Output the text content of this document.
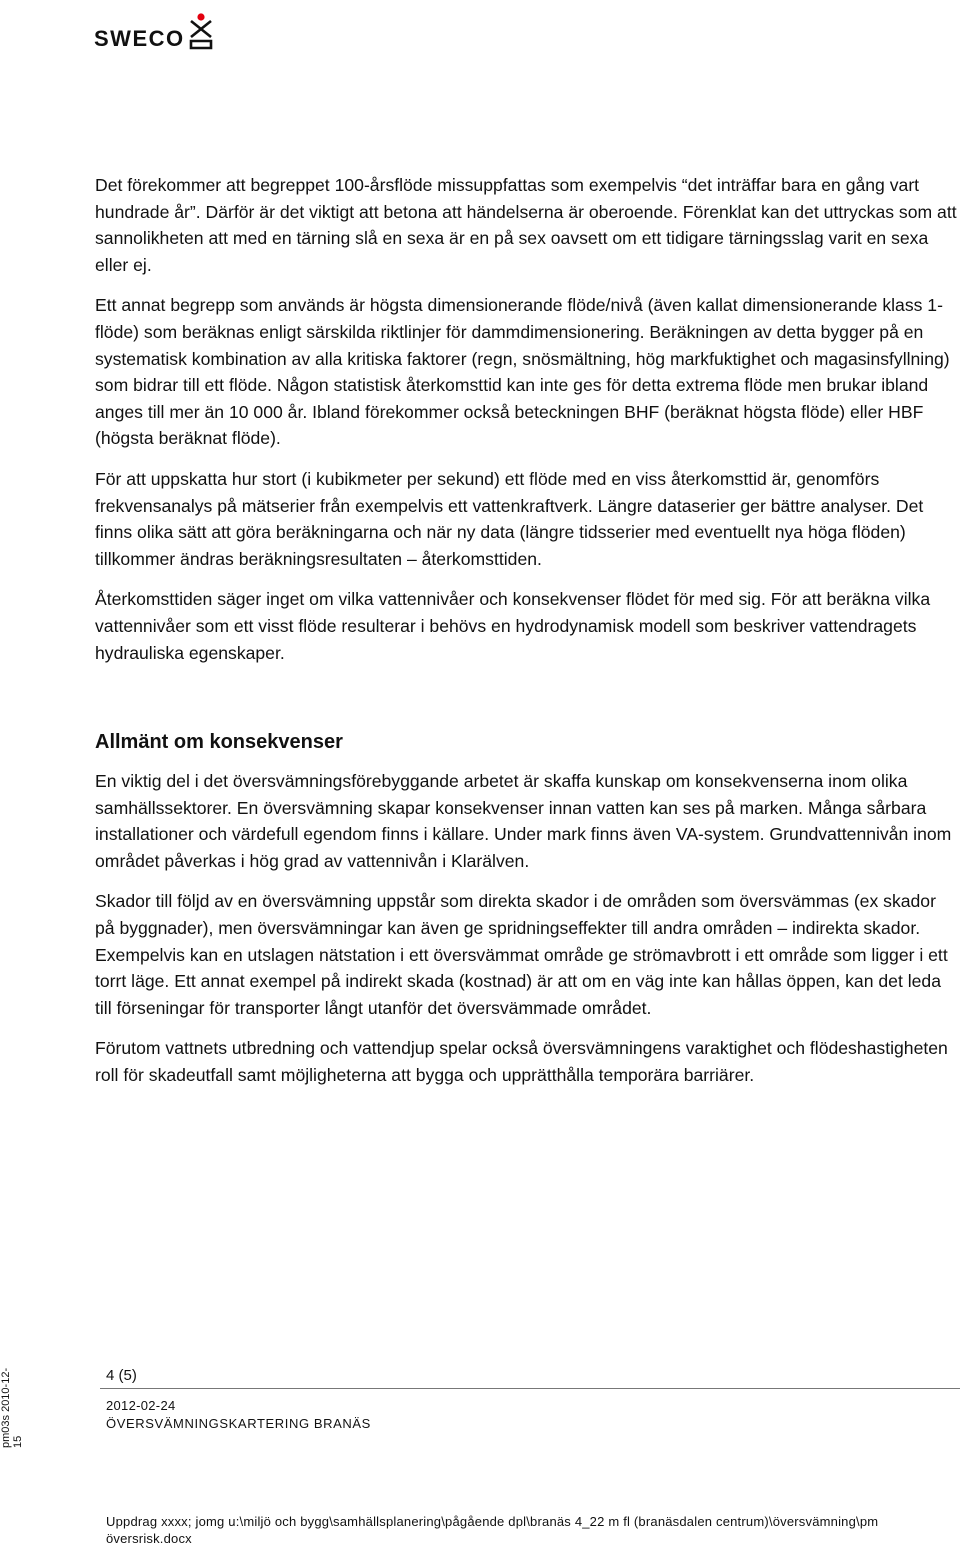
SWECO

Det förekommer att begreppet 100-årsflöde missuppfattas som exempelvis “det inträffar bara en gång vart hundrade år”. Därför är det viktigt att betona att händelserna är oberoende. Förenklat kan det uttryckas som att sannolikheten att med en tärning slå en sexa är en på sex oavsett om ett tidigare tärningsslag varit en sexa eller ej.

Ett annat begrepp som används är högsta dimensionerande flöde/nivå (även kallat dimensionerande klass 1-flöde) som beräknas enligt särskilda riktlinjer för dammdimensionering. Beräkningen av detta bygger på en systematisk kombination av alla kritiska faktorer (regn, snösmältning, hög markfuktighet och magasinsfyllning) som bidrar till ett flöde. Någon statistisk återkomsttid kan inte ges för detta extrema flöde men brukar ibland anges till mer än 10 000 år. Ibland förekommer också beteckningen BHF (beräknat högsta flöde) eller HBF (högsta beräknat flöde).

För att uppskatta hur stort (i kubikmeter per sekund) ett flöde med en viss återkomsttid är, genomförs frekvensanalys på mätserier från exempelvis ett vattenkraftverk. Längre dataserier ger bättre analyser. Det finns olika sätt att göra beräkningarna och när ny data (längre tidsserier med eventuellt nya höga flöden) tillkommer ändras beräkningsresultaten – återkomsttiden.

Återkomsttiden säger inget om vilka vattennivåer och konsekvenser flödet för med sig. För att beräkna vilka vattennivåer som ett visst flöde resulterar i behövs en hydrodynamisk modell som beskriver vattendragets hydrauliska egenskaper.

Allmänt om konsekvenser

En viktig del i det översvämningsförebyggande arbetet är skaffa kunskap om konsekvenserna inom olika samhällssektorer. En översvämning skapar konsekvenser innan vatten kan ses på marken. Många sårbara installationer och värdefull egendom finns i källare. Under mark finns även VA-system. Grundvattennivån inom området påverkas i hög grad av vattennivån i Klarälven.

Skador till följd av en översvämning uppstår som direkta skador i de områden som översvämmas (ex skador på byggnader), men översvämningar kan även ge spridningseffekter till andra områden – indirekta skador. Exempelvis kan en utslagen nätstation i ett översvämmat område ge strömavbrott i ett område som ligger i ett torrt läge. Ett annat exempel på indirekt skada (kostnad) är att om en väg inte kan hållas öppen, kan det leda till förseningar för transporter långt utanför det översvämmade området.

Förutom vattnets utbredning och vattendjup spelar också översvämningens varaktighet och flödeshastigheten roll för skadeutfall samt möjligheterna att bygga och upprätthålla temporära barriärer.

pm03s 2010-12-15
4 (5)
2012-02-24
ÖVERSVÄMNINGSKARTERING BRANÄS
Uppdrag xxxx; jomg u:\miljö och bygg\samhällsplanering\pågående dpl\branäs 4_22 m fl (branäsdalen centrum)\översvämning\pm översrisk.docx
